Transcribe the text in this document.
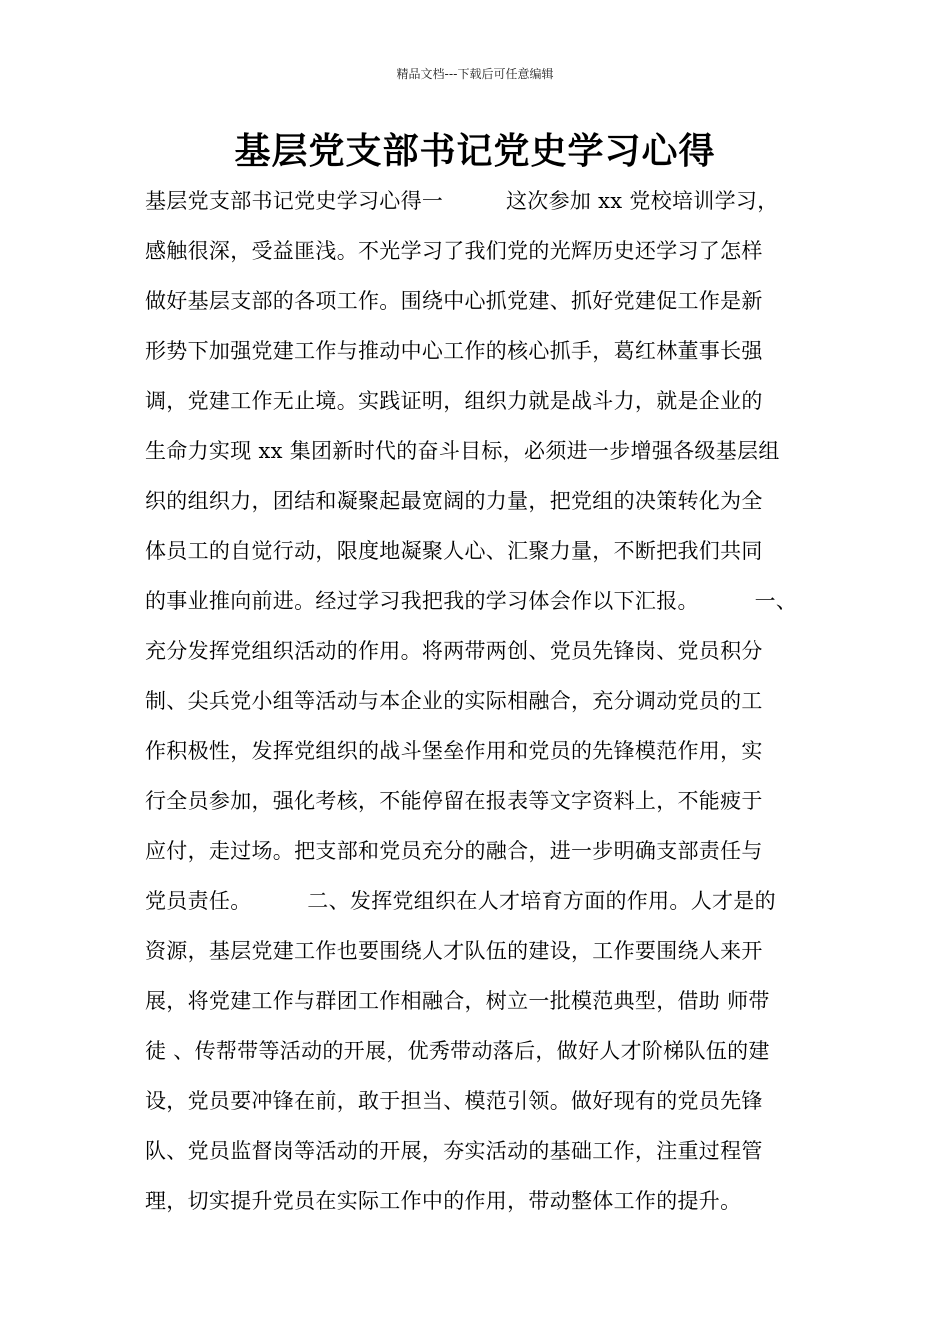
精品文档---下载后可任意编辑
基层党支部书记党史学习心得
基层党支部书记党史学习心得一         这次参加 xx 党校培训学习，
感触很深，受益匪浅。不光学习了我们党的光辉历史还学习了怎样
做好基层支部的各项工作。围绕中心抓党建、抓好党建促工作是新
形势下加强党建工作与推动中心工作的核心抓手，葛红林董事长强
调，党建工作无止境。实践证明，组织力就是战斗力，就是企业的
生命力实现 xx 集团新时代的奋斗目标，必须进一步增强各级基层组
织的组织力，团结和凝聚起最宽阔的力量，把党组的决策转化为全
体员工的自觉行动，限度地凝聚人心、汇聚力量，不断把我们共同
的事业推向前进。经过学习我把我的学习体会作以下汇报。        一、
充分发挥党组织活动的作用。将两带两创、党员先锋岗、党员积分
制、尖兵党小组等活动与本企业的实际相融合，充分调动党员的工
作积极性，发挥党组织的战斗堡垒作用和党员的先锋模范作用，实
行全员参加，强化考核，不能停留在报表等文字资料上，不能疲于
应付，走过场。把支部和党员充分的融合，进一步明确支部责任与
党员责任。        二、发挥党组织在人才培育方面的作用。人才是的
资源，基层党建工作也要围绕人才队伍的建设，工作要围绕人来开
展，将党建工作与群团工作相融合，树立一批模范典型，借助 师带
徒 、传帮带等活动的开展，优秀带动落后，做好人才阶梯队伍的建
设，党员要冲锋在前，敢于担当、模范引领。做好现有的党员先锋
队、党员监督岗等活动的开展，夯实活动的基础工作，注重过程管
理，切实提升党员在实际工作中的作用，带动整体工作的提升。
